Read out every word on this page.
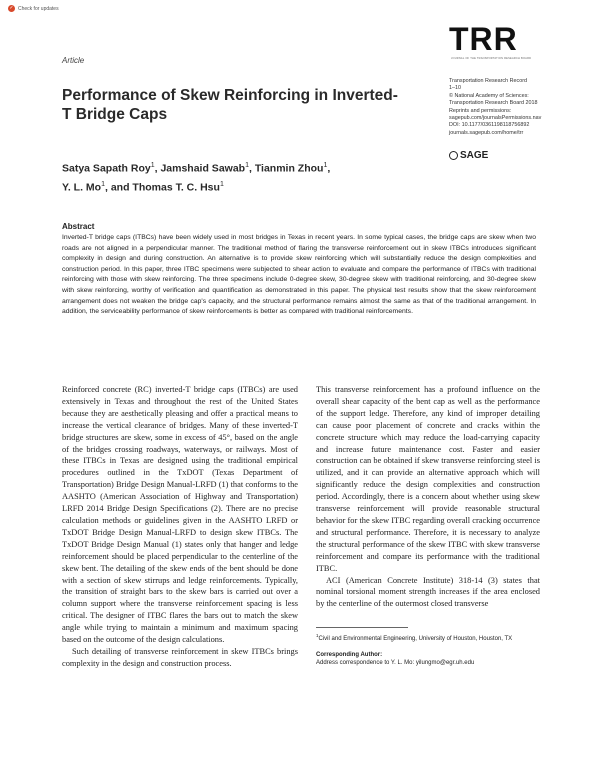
✓ Check for updates
Article
Performance of Skew Reinforcing in Inverted-T Bridge Caps
Satya Sapath Roy$^1$, Jamshaid Sawab$^1$, Tianmin Zhou$^1$,
Y. L. Mo$^1$, and Thomas T. C. Hsu$^1$
TRR
JOURNAL OF THE TRANSPORTATION RESEARCH BOARD
Transportation Research Record
1–10
© National Academy of Sciences:
Transportation Research Board 2018
Reprints and permissions:
sagepub.com/journalsPermissions.nav
DOI: 10.1177/0361198118756892
journals.sagepub.com/home/trr
SAGE
Abstract
Inverted-T bridge caps (ITBCs) have been widely used in most bridges in Texas in recent years. In some typical cases, the bridge caps are skew when two roads are not aligned in a perpendicular manner. The traditional method of flaring the transverse reinforcement out in skew ITBCs introduces significant complexity in design and during construction. An alternative is to provide skew reinforcing which will substantially reduce the design complexities and construction period. In this paper, three ITBC specimens were subjected to shear action to evaluate and compare the performance of ITBCs with traditional reinforcing with those with skew reinforcing. The three specimens include 0-degree skew, 30-degree skew with traditional reinforcing, and 30-degree skew with skew reinforcing, worthy of verification and quantification as demonstrated in this paper. The physical test results show that the skew reinforcement arrangement does not weaken the bridge cap's capacity, and the structural performance remains almost the same as that of the traditional arrangement. In addition, the serviceability performance of skew reinforcements is better as compared with traditional reinforcements.

Reinforced concrete (RC) inverted-T bridge caps (ITBCs) are used extensively in Texas and throughout the rest of the United States because they are aesthetically pleasing and offer a practical means to increase the vertical clearance of bridges. Many of these inverted-T bridge structures are skew, some in excess of 45°, based on the angle of the bridges crossing roadways, waterways, or railways. Most of these ITBCs in Texas are designed using the traditional empirical procedures outlined in the TxDOT (Texas Department of Transportation) Bridge Design Manual-LRFD (1) that conforms to the AASHTO (American Association of Highway and Transportation) LRFD 2014 Bridge Design Specifications (2). There are no precise calculation methods or guidelines given in the AASHTO LRFD or TxDOT Bridge Design Manual-LRFD to design skew ITBCs. The TxDOT Bridge Design Manual (1) states only that hanger and ledge reinforcement should be placed perpendicular to the centerline of the skew bent. The detailing of the skew ends of the bent should be done with a section of skew stirrups and ledge reinforcements. Typically, the transition of straight bars to the skew bars is carried out over a column support where the transverse reinforcement spacing is less critical. The designer of ITBC flares the bars out to match the skew angle while trying to maintain a minimum and maximum spacing based on the outcome of the design calculations.

Such detailing of transverse reinforcement in skew ITBCs brings complexity in the design and construction process.

This transverse reinforcement has a profound influence on the overall shear capacity of the bent cap as well as the performance of the support ledge. Therefore, any kind of improper detailing can cause poor placement of concrete and cracks within the concrete structure which may reduce the load-carrying capacity and increase future maintenance cost. Faster and easier construction can be obtained if skew transverse reinforcing steel is utilized, and it can provide an alternative approach which will significantly reduce the design complexities and construction period. Accordingly, there is a concern about whether using skew transverse reinforcement will provide reasonable structural behavior for the skew ITBC regarding overall cracking occurrence and structural performance. Therefore, it is necessary to analyze the structural performance of the skew ITBC with skew transverse reinforcement and compare its performance with the traditional ITBC.

ACI (American Concrete Institute) 318-14 (3) states that nominal torsional moment strength increases if the area enclosed by the centerline of the outermost closed transverse

$^1$Civil and Environmental Engineering, University of Houston, Houston, TX
Corresponding Author:
Address correspondence to Y. L. Mo: yilungmo@egr.uh.edu
